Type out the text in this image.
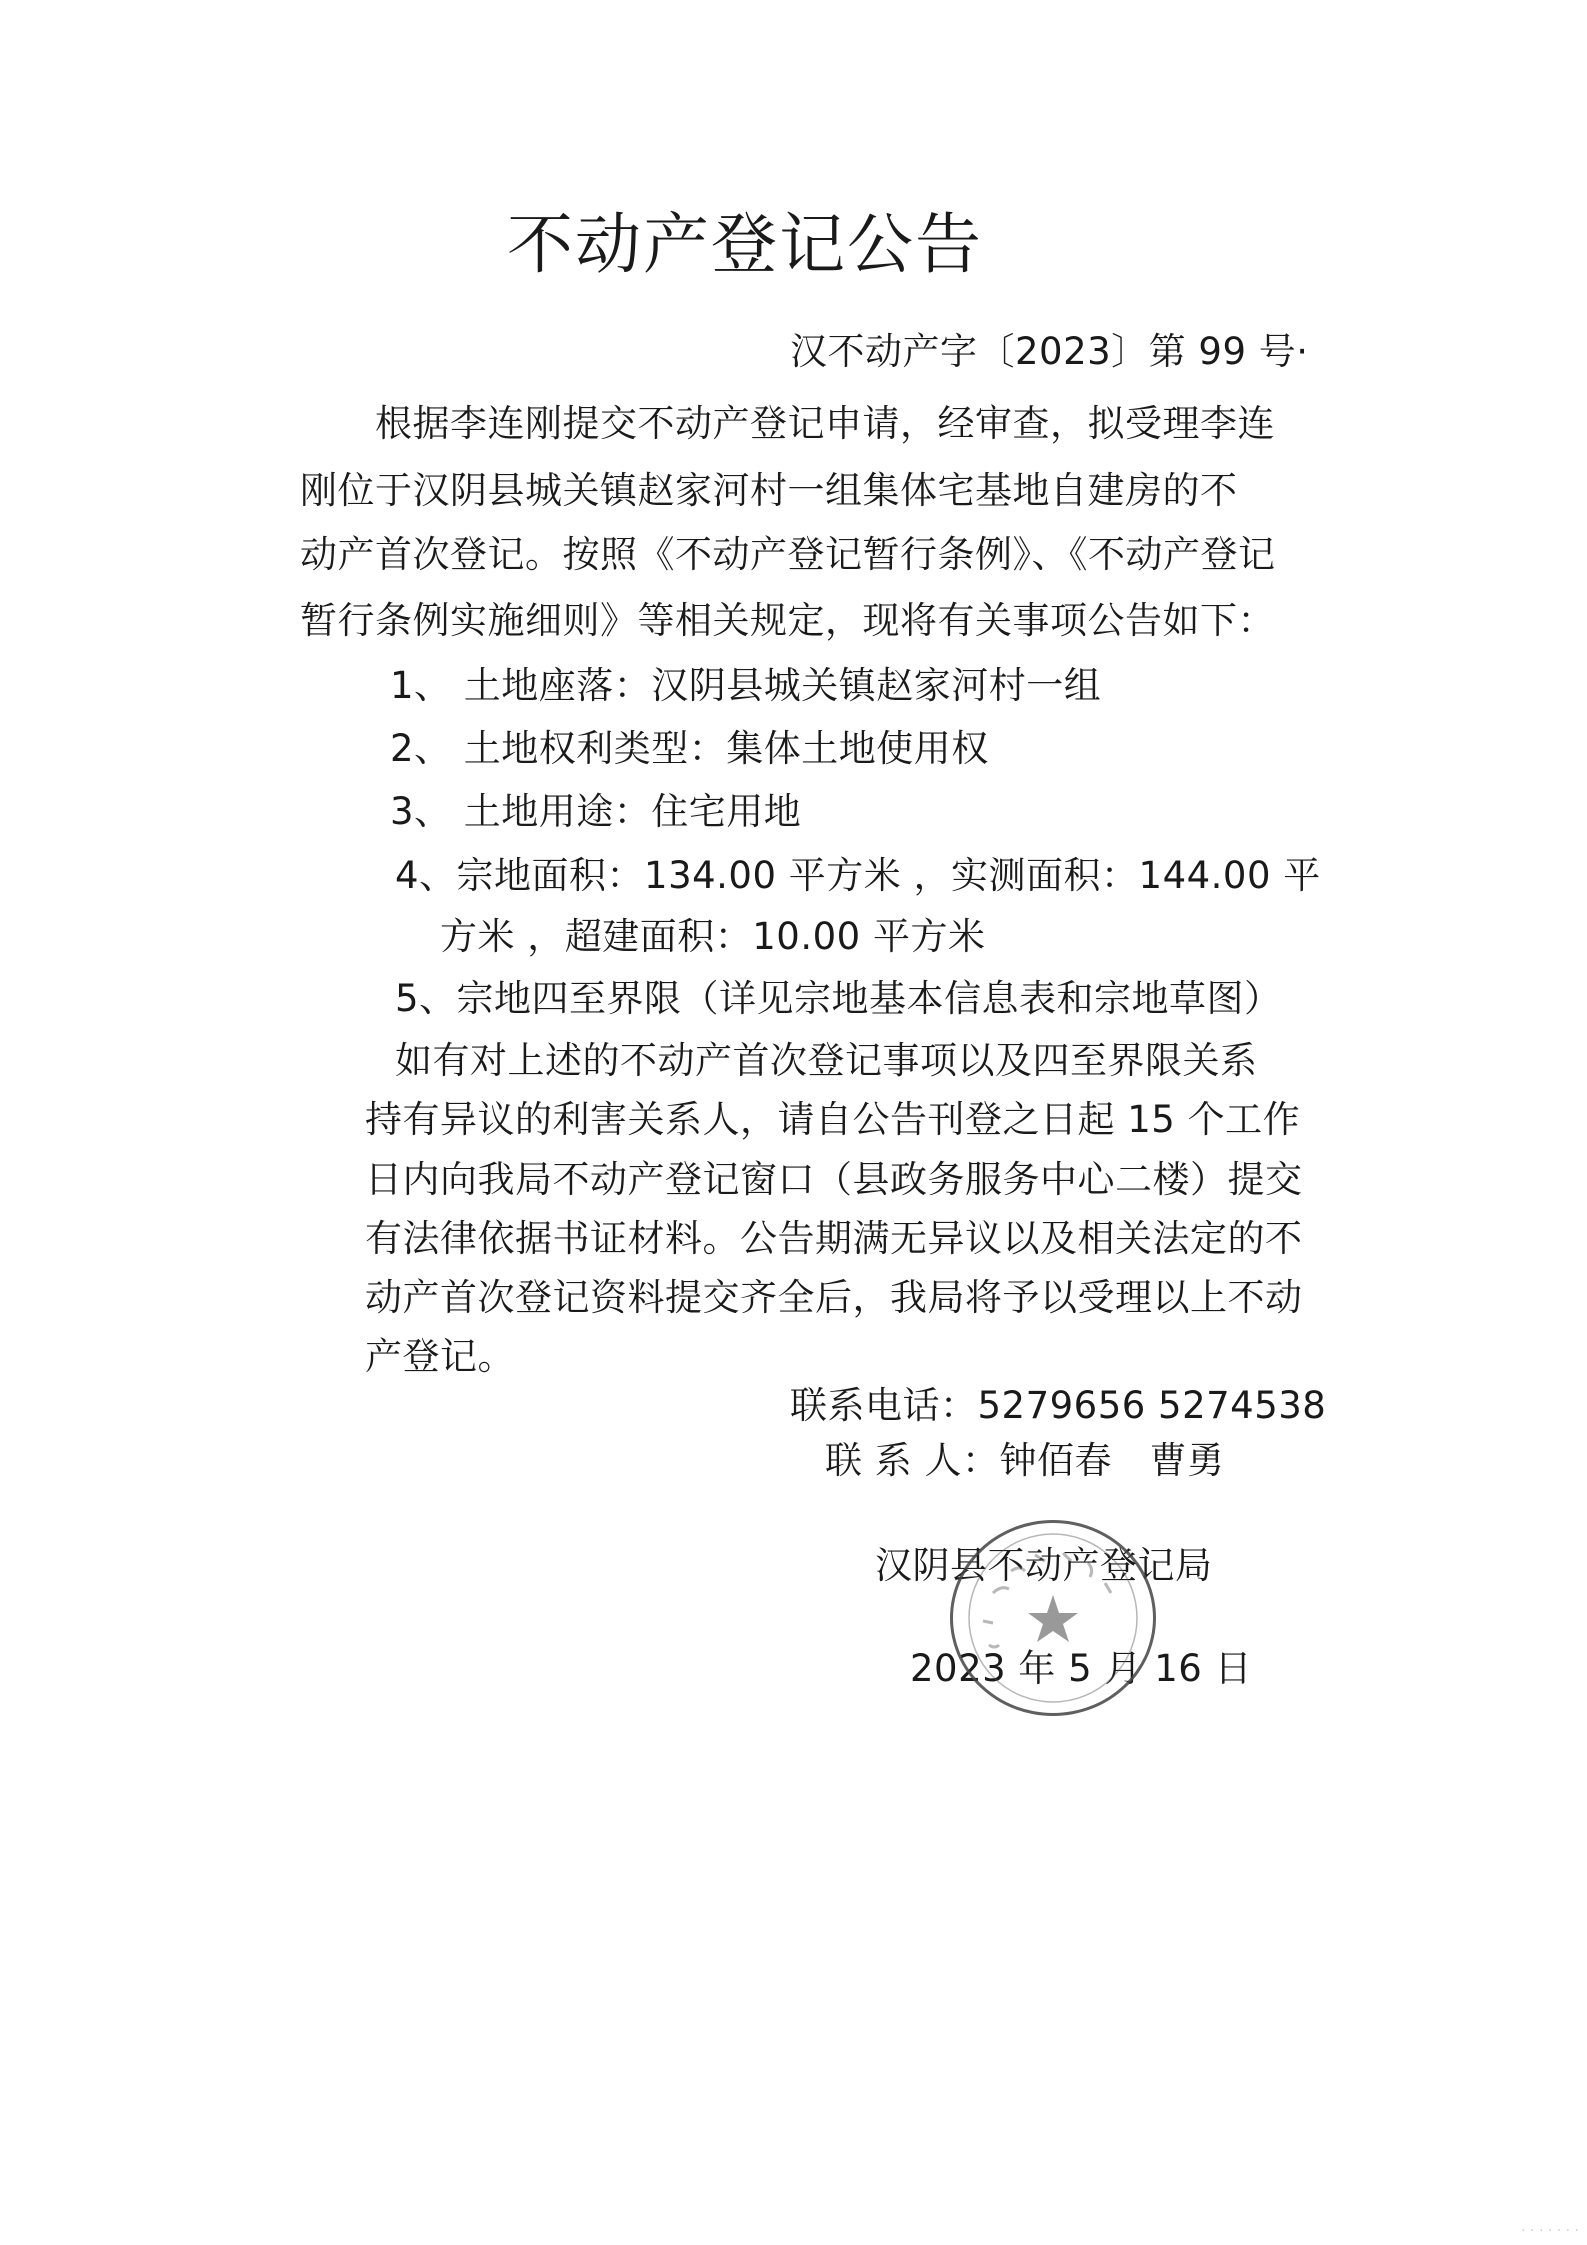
不动产登记公告
汉不动产字〔2023〕第 99 号·
根据李连刚提交不动产登记申请，经审查，拟受理李连
刚位于汉阴县城关镇赵家河村一组集体宅基地自建房的不
动产首次登记。按照《不动产登记暂行条例》、《不动产登记
暂行条例实施细则》等相关规定，现将有关事项公告如下：
1、 土地座落：汉阴县城关镇赵家河村一组
2、 土地权利类型：集体土地使用权
3、 土地用途：住宅用地
4、宗地面积：134.00 平方米 ，实测面积：144.00 平
方米 ，超建面积：10.00 平方米
5、宗地四至界限（详见宗地基本信息表和宗地草图）
如有对上述的不动产首次登记事项以及四至界限关系
持有异议的利害关系人，请自公告刊登之日起 15 个工作
日内向我局不动产登记窗口（县政务服务中心二楼）提交
有法律依据书证材料。公告期满无异议以及相关法定的不
动产首次登记资料提交齐全后，我局将予以受理以上不动
产登记。
联系电话：5279656 5274538
联 系 人：钟佰春　曹勇
汉阴县不动产登记局
2023 年 5 月 16 日
· · · · · · ·
